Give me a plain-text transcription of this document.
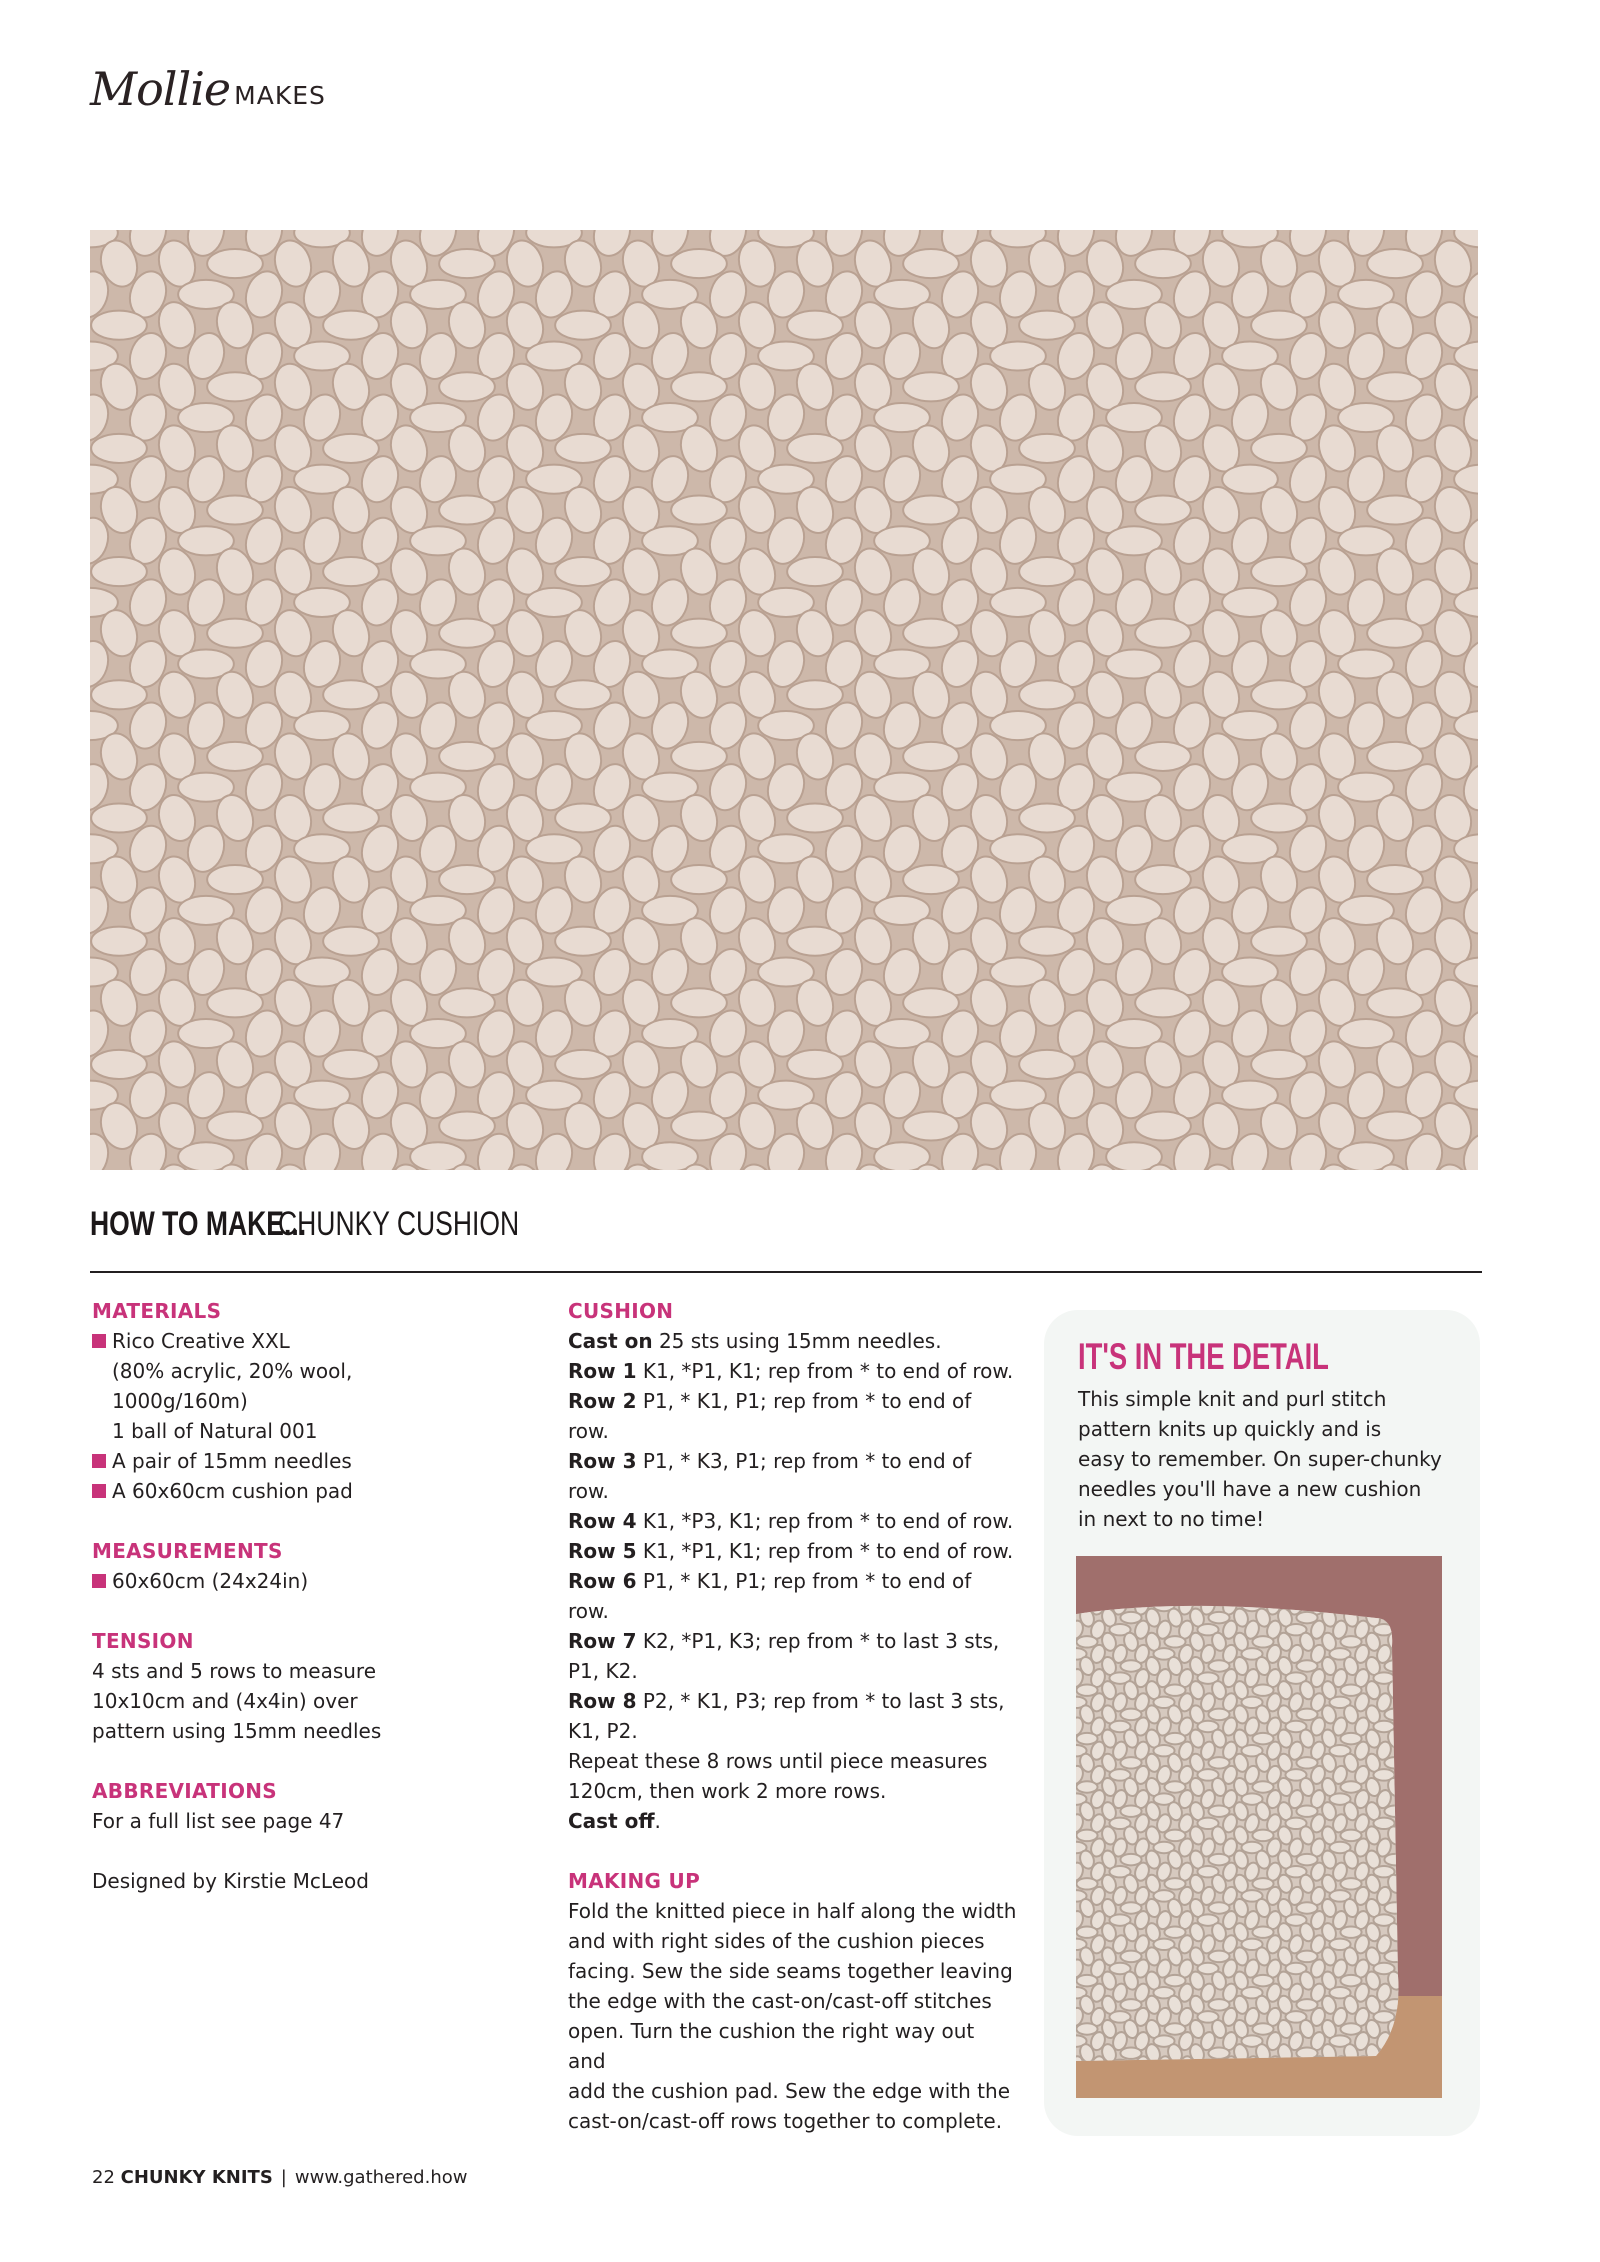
Mollie MAKES
HOW TO MAKE...
CHUNKY CUSHION
MATERIALS
Rico Creative XXL
(80% acrylic, 20% wool,
1000g/160m)
1 ball of Natural 001
A pair of 15mm needles
A 60x60cm cushion pad
MEASUREMENTS
60x60cm (24x24in)
TENSION
4 sts and 5 rows to measure
10x10cm and (4x4in) over
pattern using 15mm needles
ABBREVIATIONS
For a full list see page 47
Designed by Kirstie McLeod
CUSHION
Cast on 25 sts using 15mm needles.
Row 1 K1, *P1, K1; rep from * to end of row.
Row 2 P1, * K1, P1; rep from * to end of
row.
Row 3 P1, * K3, P1; rep from * to end of
row.
Row 4 K1, *P3, K1; rep from * to end of row.
Row 5 K1, *P1, K1; rep from * to end of row.
Row 6 P1, * K1, P1; rep from * to end of
row.
Row 7 K2, *P1, K3; rep from * to last 3 sts,
P1, K2.
Row 8 P2, * K1, P3; rep from * to last 3 sts,
K1, P2.
Repeat these 8 rows until piece measures
120cm, then work 2 more rows.
Cast off.
MAKING UP
Fold the knitted piece in half along the width
and with right sides of the cushion pieces
facing. Sew the side seams together leaving
the edge with the cast-on/cast-off stitches
open. Turn the cushion the right way out and
add the cushion pad. Sew the edge with the
cast-on/cast-off rows together to complete.
IT'S IN THE DETAIL
This simple knit and purl stitch
pattern knits up quickly and is
easy to remember. On super-chunky
needles you'll have a new cushion
in next to no time!
22 CHUNKY KNITS | www.gathered.how
